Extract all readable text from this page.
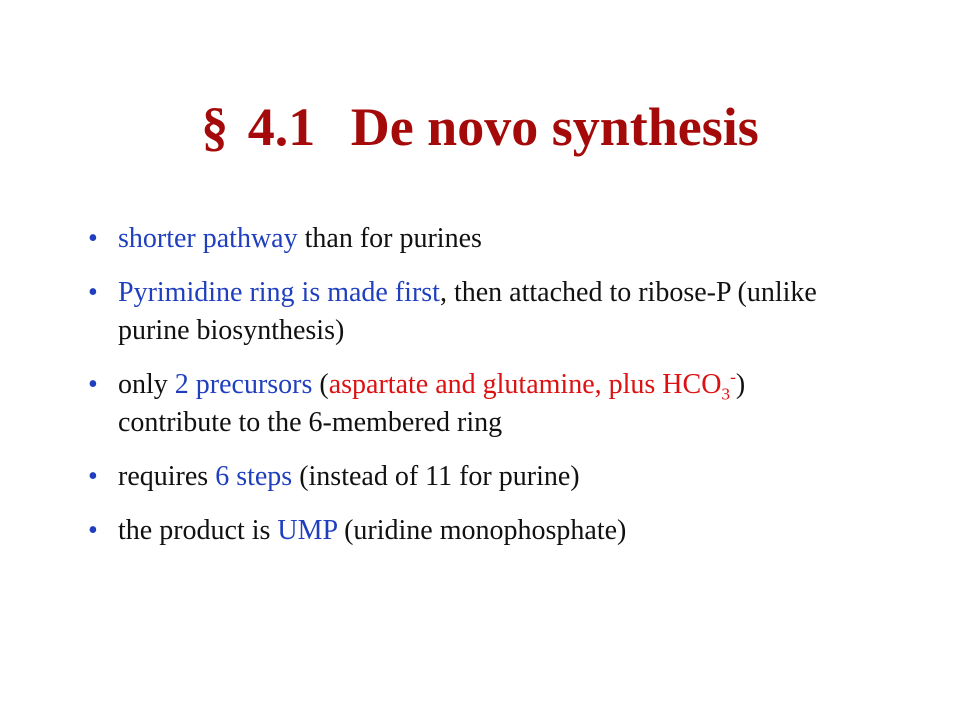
§ 4.1 De novo synthesis
• shorter pathway than for purines
• Pyrimidine ring is made first, then attached to ribose-P (unlike purine biosynthesis)
• only 2 precursors (aspartate and glutamine, plus $HCO_3^-$) contribute to the 6-membered ring
• requires 6 steps (instead of 11 for purine)
• the product is UMP (uridine monophosphate)
